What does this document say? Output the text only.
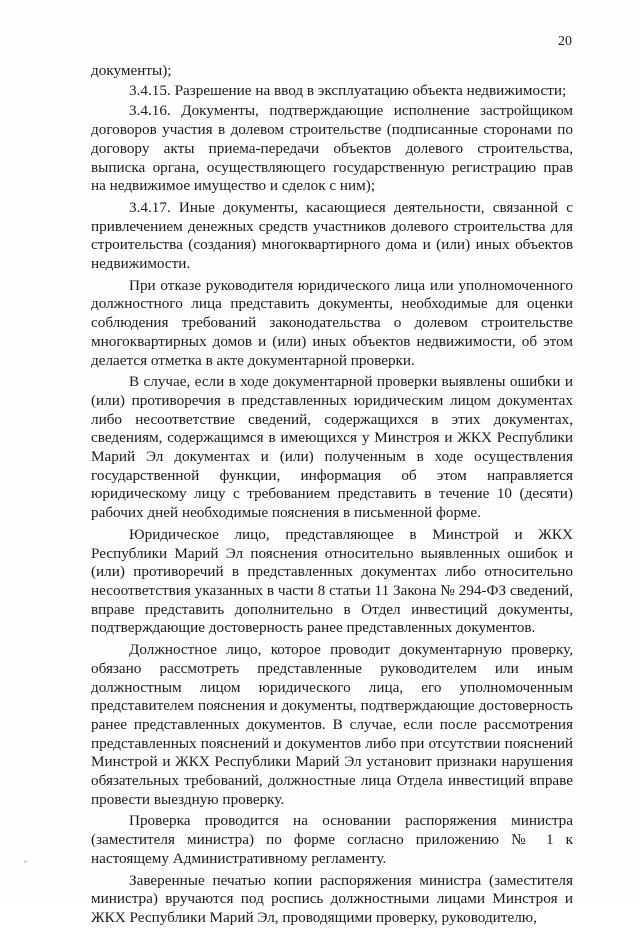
20

документы);

3.4.15. Разрешение на ввод в эксплуатацию объекта недвижимости;

3.4.16. Документы, подтверждающие исполнение застройщиком договоров участия в долевом строительстве (подписанные сторонами по договору акты приема-передачи объектов долевого строительства, выписка органа, осуществляющего государственную регистрацию прав на недвижимое имущество и сделок с ним);

3.4.17. Иные документы, касающиеся деятельности, связанной с привлечением денежных средств участников долевого строительства для строительства (создания) многоквартирного дома и (или) иных объектов недвижимости.

При отказе руководителя юридического лица или уполномоченного должностного лица представить документы, необходимые для оценки соблюдения требований законодательства о долевом строительстве многоквартирных домов и (или) иных объектов недвижимости, об этом делается отметка в акте документарной проверки.

В случае, если в ходе документарной проверки выявлены ошибки и (или) противоречия в представленных юридическим лицом документах либо несоответствие сведений, содержащихся в этих документах, сведениям, содержащимся в имеющихся у Минстроя и ЖКХ Республики Марий Эл документах и (или) полученным в ходе осуществления государственной функции, информация об этом направляется юридическому лицу с требованием представить в течение 10 (десяти) рабочих дней необходимые пояснения в письменной форме.

Юридическое лицо, представляющее в Минстрой и ЖКХ Республики Марий Эл пояснения относительно выявленных ошибок и (или) противоречий в представленных документах либо относительно несоответствия указанных в части 8 статьи 11 Закона № 294-ФЗ сведений, вправе представить дополнительно в Отдел инвестиций документы, подтверждающие достоверность ранее представленных документов.

Должностное лицо, которое проводит документарную проверку, обязано рассмотреть представленные руководителем или иным должностным лицом юридического лица, его уполномоченным представителем пояснения и документы, подтверждающие достоверность ранее представленных документов. В случае, если после рассмотрения представленных пояснений и документов либо при отсутствии пояснений Минстрой и ЖКХ Республики Марий Эл установит признаки нарушения обязательных требований, должностные лица Отдела инвестиций вправе провести выездную проверку.

Проверка проводится на основании распоряжения министра (заместителя министра) по форме согласно приложению № 1 к настоящему Административному регламенту.

Заверенные печатью копии распоряжения министра (заместителя министра) вручаются под роспись должностными лицами Минстроя и ЖКХ Республики Марий Эл, проводящими проверку, руководителю,
